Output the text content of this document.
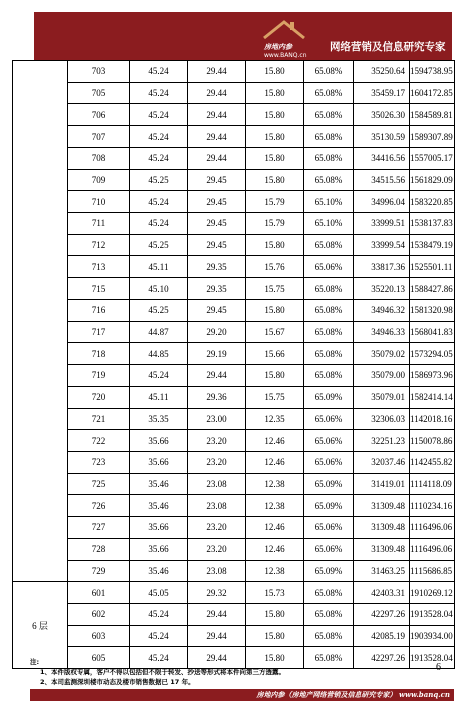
房地内参
www.BANQ.cn
网络营销及信息研究专家
	703	45.24	29.44	15.80	65.08%	35250.64	1594738.95
	705	45.24	29.44	15.80	65.08%	35459.17	1604172.85
	706	45.24	29.44	15.80	65.08%	35026.30	1584589.81
	707	45.24	29.44	15.80	65.08%	35130.59	1589307.89
	708	45.24	29.44	15.80	65.08%	34416.56	1557005.17
	709	45.25	29.45	15.80	65.08%	34515.56	1561829.09
	710	45.24	29.45	15.79	65.10%	34996.04	1583220.85
	711	45.24	29.45	15.79	65.10%	33999.51	1538137.83
	712	45.25	29.45	15.80	65.08%	33999.54	1538479.19
	713	45.11	29.35	15.76	65.06%	33817.36	1525501.11
	715	45.10	29.35	15.75	65.08%	35220.13	1588427.86
	716	45.25	29.45	15.80	65.08%	34946.32	1581320.98
	717	44.87	29.20	15.67	65.08%	34946.33	1568041.83
	718	44.85	29.19	15.66	65.08%	35079.02	1573294.05
	719	45.24	29.44	15.80	65.08%	35079.00	1586973.96
	720	45.11	29.36	15.75	65.09%	35079.01	1582414.14
	721	35.35	23.00	12.35	65.06%	32306.03	1142018.16
	722	35.66	23.20	12.46	65.06%	32251.23	1150078.86
	723	35.66	23.20	12.46	65.06%	32037.46	1142455.82
	725	35.46	23.08	12.38	65.09%	31419.01	1114118.09
	726	35.46	23.08	12.38	65.09%	31309.48	1110234.16
	727	35.66	23.20	12.46	65.06%	31309.48	1116496.06
	728	35.66	23.20	12.46	65.06%	31309.48	1116496.06
	729	35.46	23.08	12.38	65.09%	31463.25	1115686.85
6 层	601	45.05	29.32	15.73	65.08%	42403.31	1910269.12
	602	45.24	29.44	15.80	65.08%	42297.26	1913528.04
	603	45.24	29.44	15.80	65.08%	42085.19	1903934.00
	605	45.24	29.44	15.80	65.08%	42297.26	1913528.04
6
注:
1、本件版权专属，客户不得以包括但不限于转发、抄送等形式将本件向第三方透露。
2、本司监测深圳楼市动态及楼市销售数据已 17 年。
房地内参（房地产网络营销及信息研究专家） www.banq.cn
